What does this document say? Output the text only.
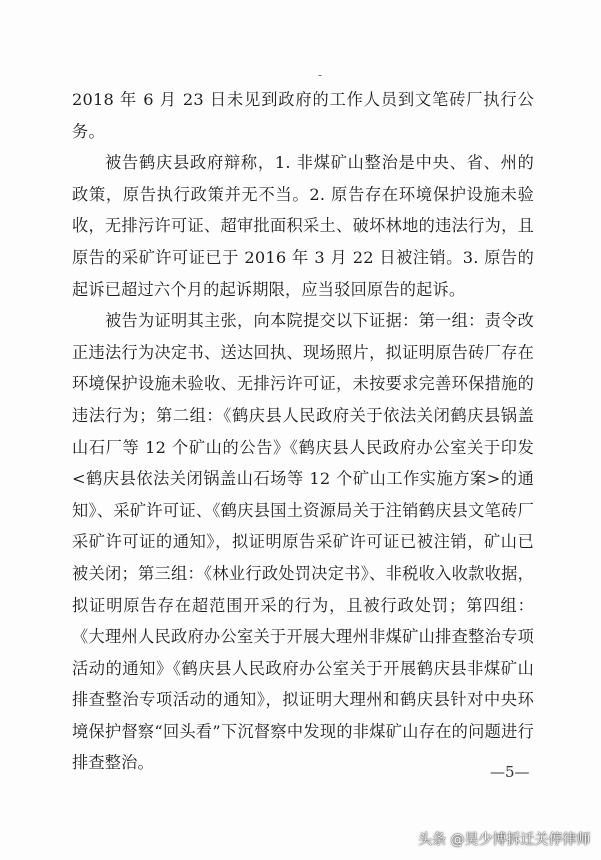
-

2018 年 6 月 23 日未见到政府的工作人员到文笔砖厂执行公务。

被告鹤庆县政府辩称，1. 非煤矿山整治是中央、省、州的政策，原告执行政策并无不当。2. 原告存在环境保护设施未验收，无排污许可证、超审批面积采土、破坏林地的违法行为，且原告的采矿许可证已于 2016 年 3 月 22 日被注销。3. 原告的起诉已超过六个月的起诉期限，应当驳回原告的起诉。

被告为证明其主张，向本院提交以下证据：第一组：责令改正违法行为决定书、送达回执、现场照片，拟证明原告砖厂存在环境保护设施未验收、无排污许可证，未按要求完善环保措施的违法行为；第二组：《鹤庆县人民政府关于依法关闭鹤庆县锅盖山石厂等 12 个矿山的公告》《鹤庆县人民政府办公室关于印发<鹤庆县依法关闭锅盖山石场等 12 个矿山工作实施方案>的通知》、采矿许可证、《鹤庆县国土资源局关于注销鹤庆县文笔砖厂采矿许可证的通知》，拟证明原告采矿许可证已被注销，矿山已被关闭；第三组：《林业行政处罚决定书》、非税收入收款收据，拟证明原告存在超范围开采的行为，且被行政处罚；第四组：《大理州人民政府办公室关于开展大理州非煤矿山排查整治专项活动的通知》《鹤庆县人民政府办公室关于开展鹤庆县非煤矿山排查整治专项活动的通知》，拟证明大理州和鹤庆县针对中央环境保护督察“回头看”下沉督察中发现的非煤矿山存在的问题进行排查整治。	—5—
头条 @昊少博拆迁关停律师
